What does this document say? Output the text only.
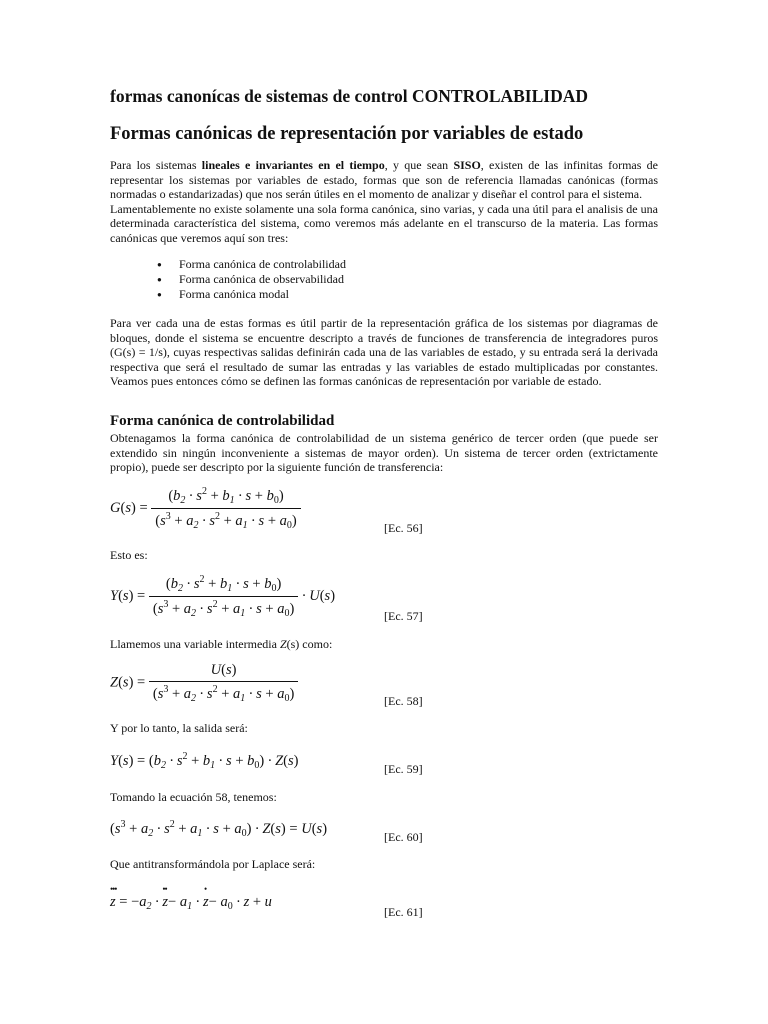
formas canonícas de sistemas de control CONTROLABILIDAD
Formas canónicas de representación por variables de estado

Para los sistemas lineales e invariantes en el tiempo, y que sean SISO, existen de las infinitas formas de representar los sistemas por variables de estado, formas que son de referencia llamadas canónicas (formas normadas o estandarizadas) que nos serán útiles en el momento de analizar y diseñar el control para el sistema.

Lamentablemente no existe solamente una sola forma canónica, sino varias, y cada una útil para el analisis de una determinada característica del sistema, como veremos más adelante en el transcurso de la materia. Las formas canónicas que veremos aquí son tres:

● Forma canónica de controlabilidad
● Forma canónica de observabilidad
● Forma canónica modal
Para ver cada una de estas formas es útil partir de la representación gráfica de los sistemas por diagramas de bloques, donde el sistema se encuentre descripto a través de funciones de transferencia de integradores puros (G(s) = 1/s), cuyas respectivas salidas definirán cada una de las variables de estado, y su entrada será la derivada respectiva que será el resultado de sumar las entradas y las variables de estado multiplicadas por constantes. Veamos pues entonces cómo se definen las formas canónicas de representación por variable de estado.
Forma canónica de controlabilidad
Obtenagamos la forma canónica de controlabilidad de un sistema genérico de tercer orden (que puede ser extendido sin ningún inconveniente a sistemas de mayor orden). Un sistema de tercer orden (extrictamente propio), puede ser descripto por la siguiente función de transferencia:
$G(s) = \frac{(b_2 \cdot s^2 + b_1 \cdot s + b_0)}{(s^3 + a_2 \cdot s^2 + a_1 \cdot s + a_0)}$	[Ec. 56]
Esto es:
$Y(s) = \frac{(b_2 \cdot s^2 + b_1 \cdot s + b_0)}{(s^3 + a_2 \cdot s^2 + a_1 \cdot s + a_0)} \cdot U(s)$
[Ec. 57]
Llamemos una variable intermedia Z(s) como:
$Z(s) = \frac{U(s)}{(s^3 + a_2 \cdot s^2 + a_1 \cdot s + a_0)}$	[Ec. 58]
Y por lo tanto, la salida será:
$Y(s) = (b_2 \cdot s^2 + b_1 \cdot s + b_0) \cdot Z(s)$	[Ec. 59]
Tomando la ecuación 58, tenemos:
$(s^3 + a_2 \cdot s^2 + a_1 \cdot s + a_0) \cdot Z(s) = U(s)$	[Ec. 60]
Que antitransformándola por Laplace será:
•••
$z = -a_2$ ·
••
$z- a_1$ ·
•
$z- a_0 \cdot z + u$
[Ec. 61]
